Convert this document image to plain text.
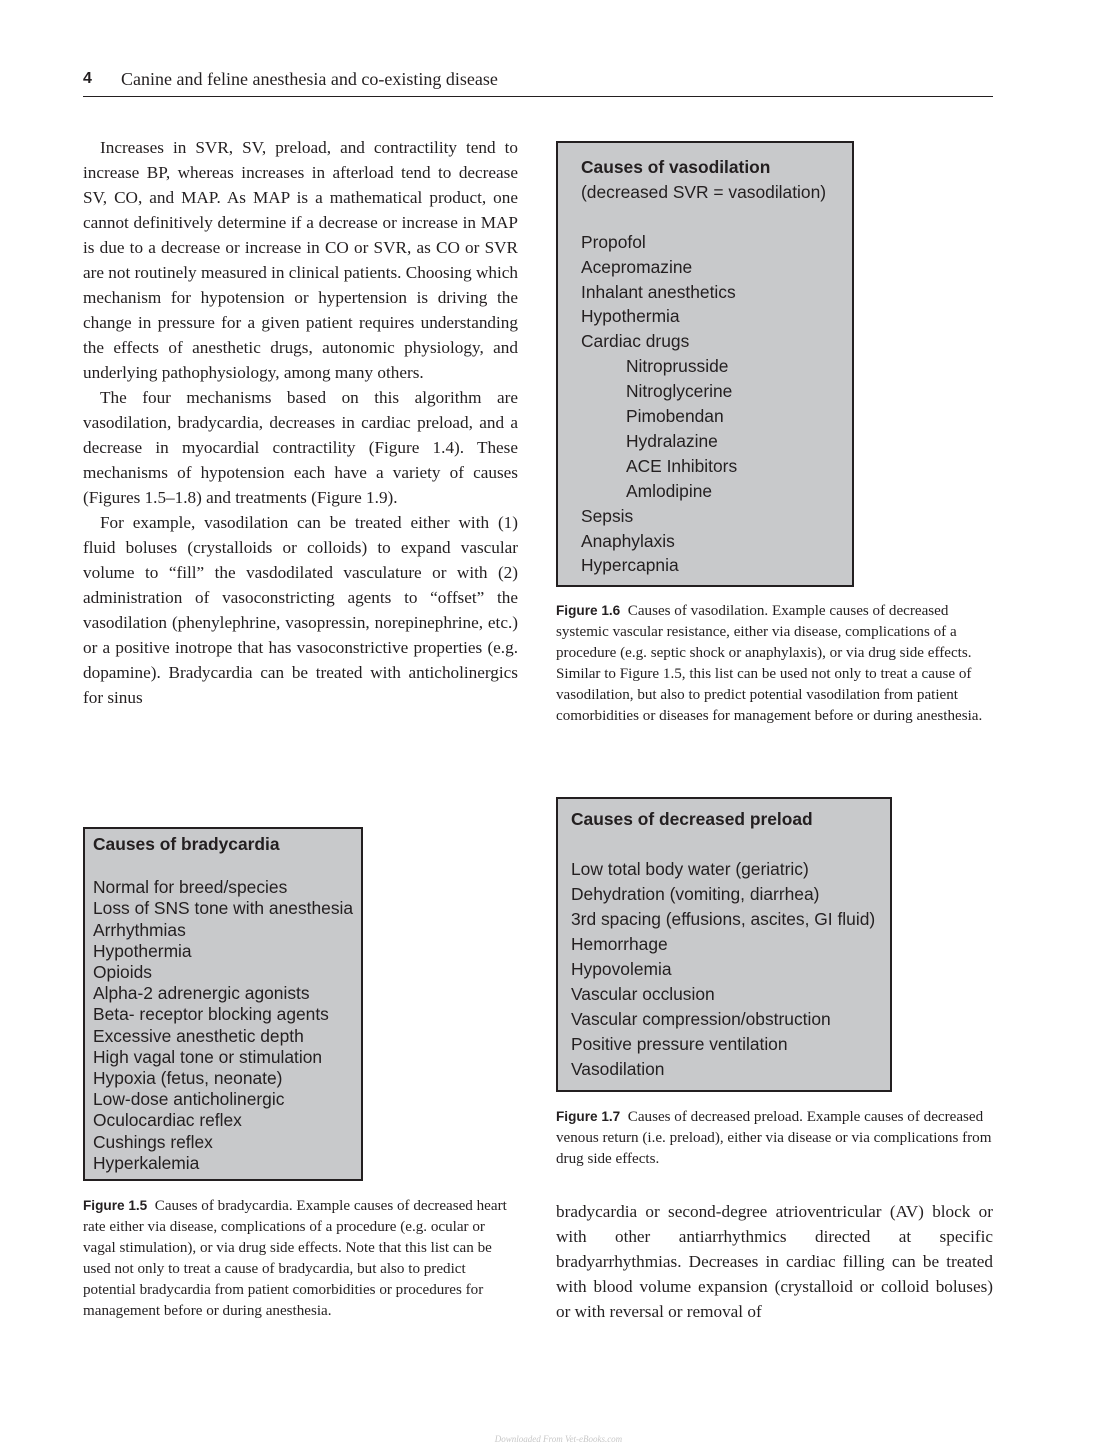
4 Canine and feline anesthesia and co-existing disease

Increases in SVR, SV, preload, and contractility tend to increase BP, whereas increases in afterload tend to decrease SV, CO, and MAP. As MAP is a mathematical product, one cannot definitively determine if a decrease or increase in MAP is due to a decrease or increase in CO or SVR, as CO or SVR are not routinely measured in clinical patients. Choosing which mechanism for hypotension or hypertension is driving the change in pressure for a given patient requires understanding the effects of anesthetic drugs, autonomic physiology, and underlying pathophysiology, among many others.

The four mechanisms based on this algorithm are vasodilation, bradycardia, decreases in cardiac preload, and a decrease in myocardial contractility (Figure 1.4). These mechanisms of hypotension each have a variety of causes (Figures 1.5–1.8) and treatments (Figure 1.9).

For example, vasodilation can be treated either with (1) fluid boluses (crystalloids or colloids) to expand vascular volume to “fill” the vasdodilated vasculature or with (2) administration of vasoconstricting agents to “offset” the vasodilation (phenylephrine, vasopressin, norepinephrine, etc.) or a positive inotrope that has vasoconstrictive properties (e.g. dopamine). Bradycardia can be treated with anticholinergics for sinus

Causes of vasodilation
(decreased SVR = vasodilation)
Propofol
Acepromazine
Inhalant anesthetics
Hypothermia
Cardiac drugs
Nitroprusside
Nitroglycerine
Pimobendan
Hydralazine
ACE Inhibitors
Amlodipine
Sepsis
Anaphylaxis
Hypercapnia

Figure 1.6 Causes of vasodilation. Example causes of decreased systemic vascular resistance, either via disease, complications of a procedure (e.g. septic shock or anaphylaxis), or via drug side effects. Similar to Figure 1.5, this list can be used not only to treat a cause of vasodilation, but also to predict potential vasodilation from patient comorbidities or diseases for management before or during anesthesia.

Causes of decreased preload
Low total body water (geriatric)
Dehydration (vomiting, diarrhea)
3rd spacing (effusions, ascites, GI fluid)
Hemorrhage
Hypovolemia
Vascular occlusion
Vascular compression/obstruction
Positive pressure ventilation
Vasodilation

Figure 1.7 Causes of decreased preload. Example causes of decreased venous return (i.e. preload), either via disease or via complications from drug side effects.

Causes of bradycardia
Normal for breed/species
Loss of SNS tone with anesthesia
Arrhythmias
Hypothermia
Opioids
Alpha-2 adrenergic agonists
Beta- receptor blocking agents
Excessive anesthetic depth
High vagal tone or stimulation
Hypoxia (fetus, neonate)
Low-dose anticholinergic
Oculocardiac reflex
Cushings reflex
Hyperkalemia

Figure 1.5 Causes of bradycardia. Example causes of decreased heart rate either via disease, complications of a procedure (e.g. ocular or vagal stimulation), or via drug side effects. Note that this list can be used not only to treat a cause of bradycardia, but also to predict potential bradycardia from patient comorbidities or procedures for management before or during anesthesia.

bradycardia or second-degree atrioventricular (AV) block or with other antiarrhythmics directed at specific bradyarrhythmias. Decreases in cardiac filling can be treated with blood volume expansion (crystalloid or colloid boluses) or with reversal or removal of

Downloaded From Vet-eBooks.com
